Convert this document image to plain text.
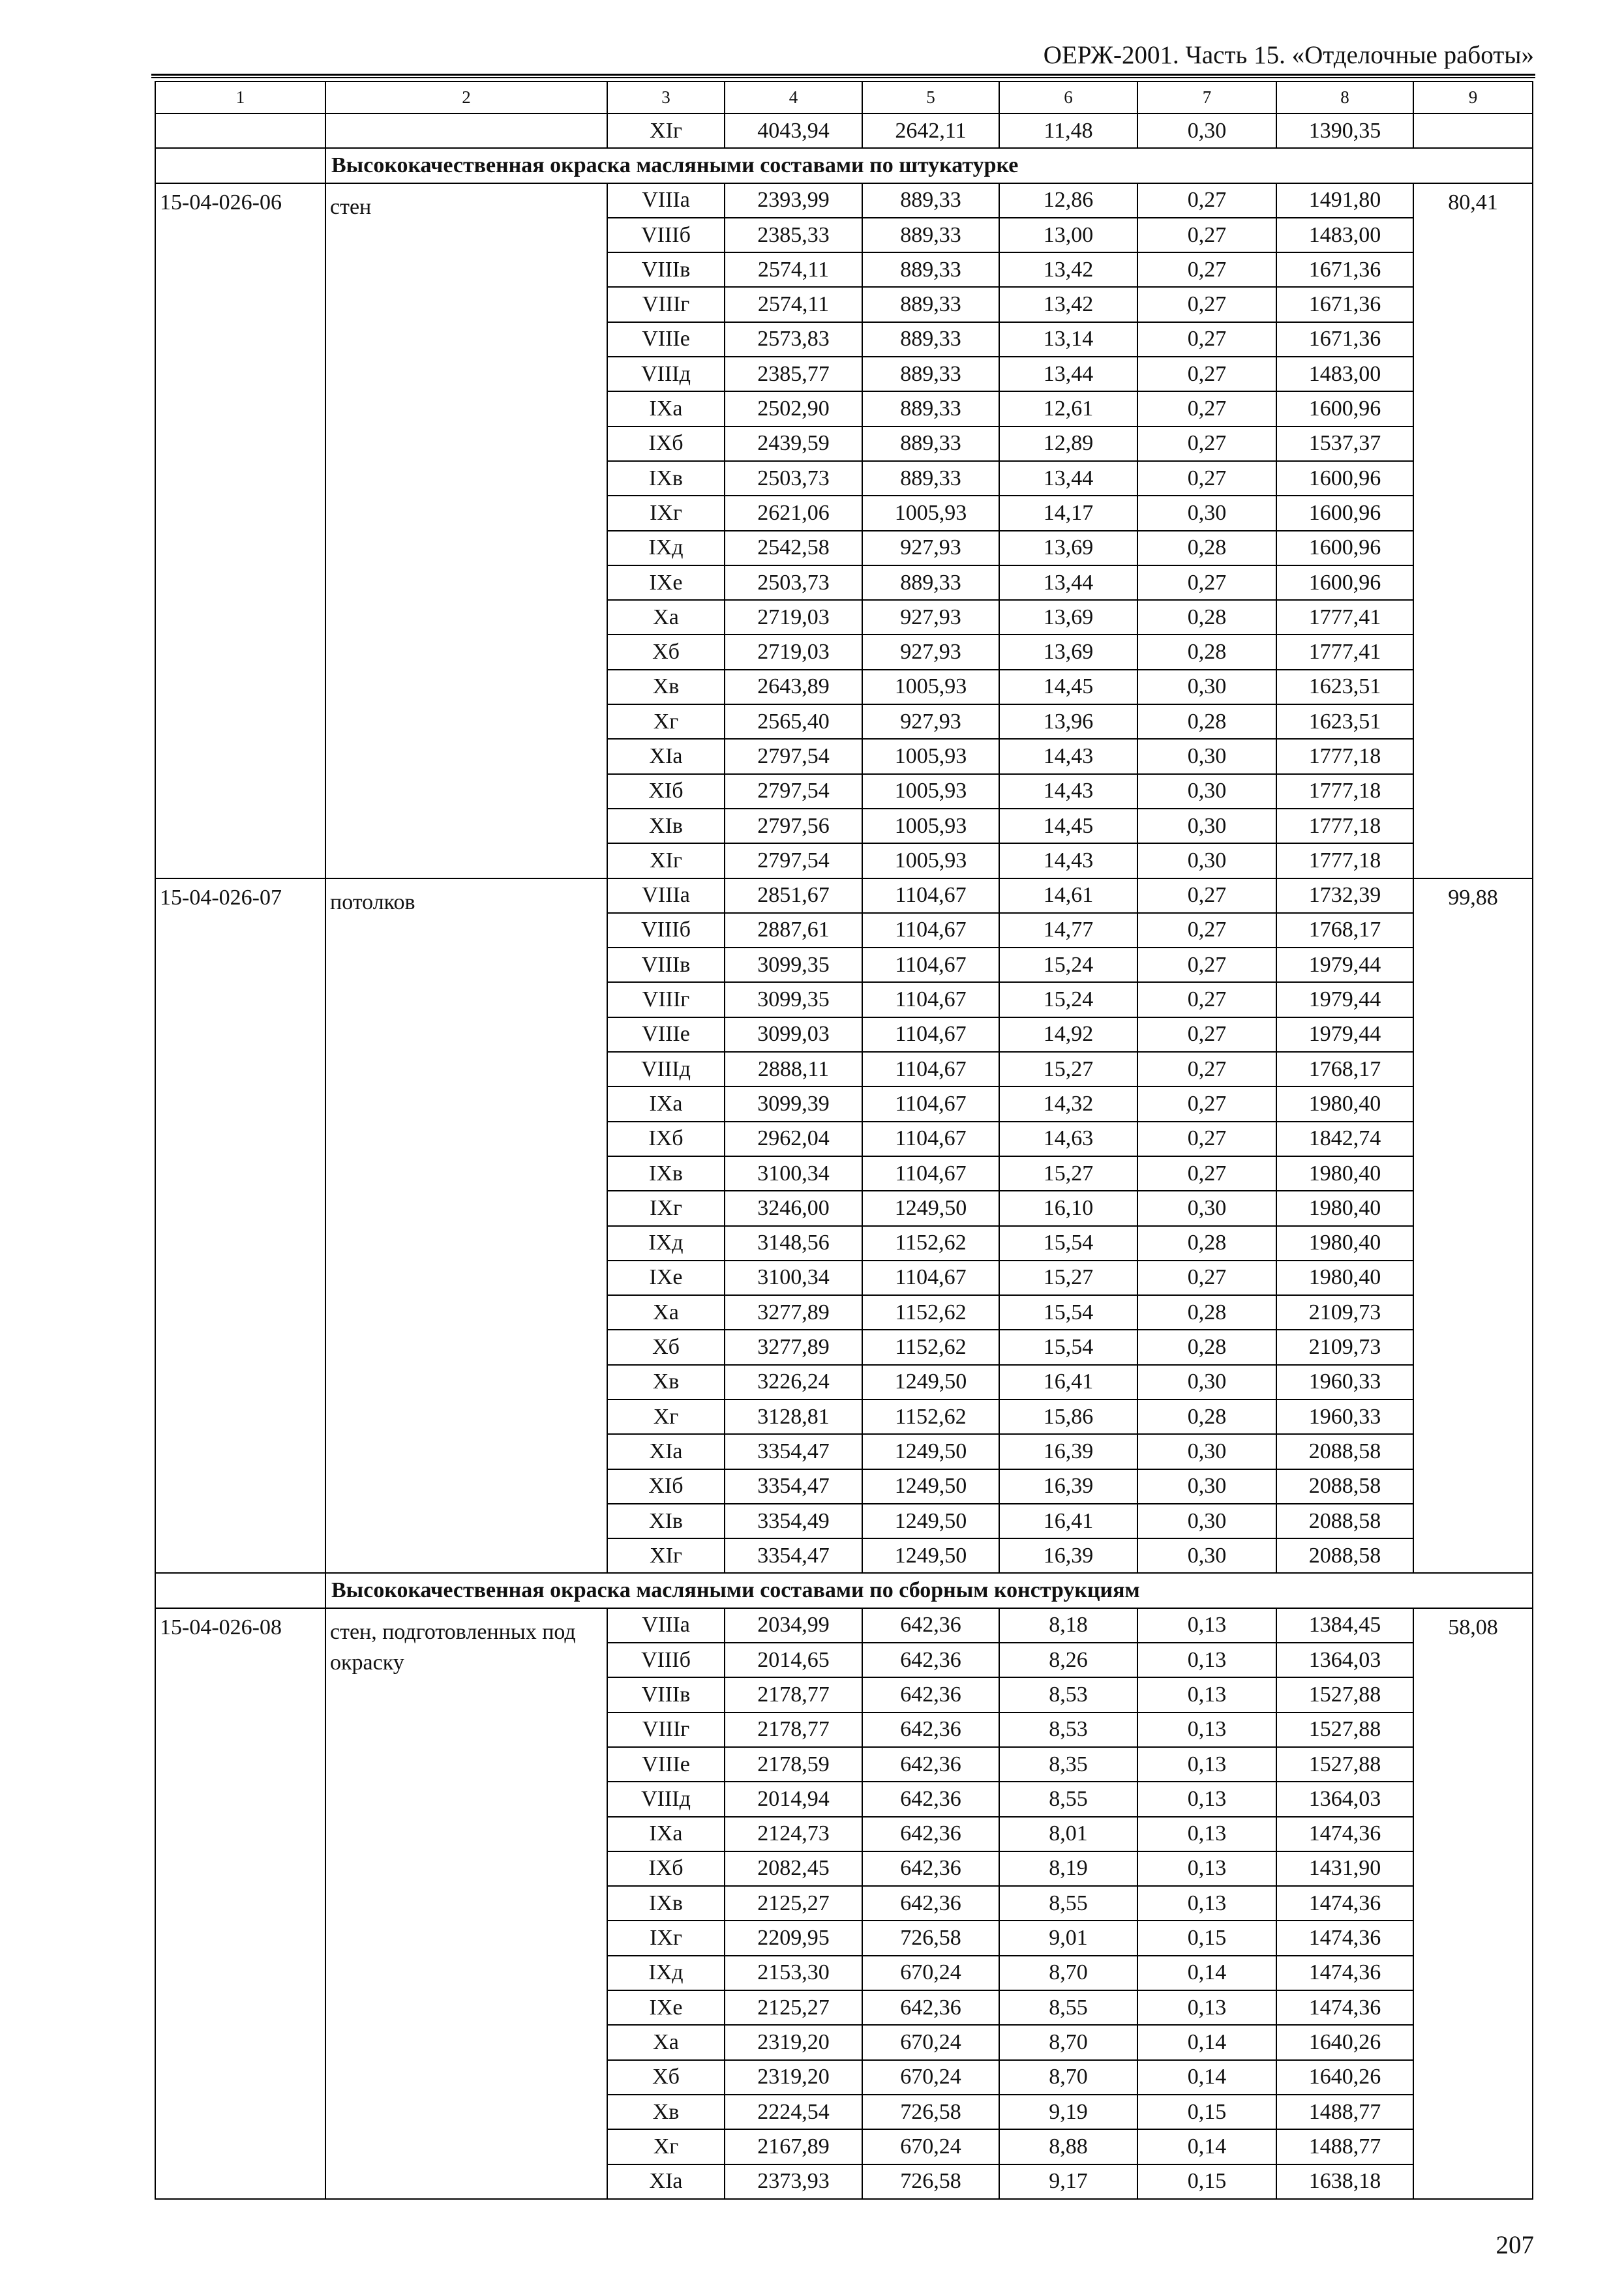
ОЕРЖ-2001. Часть 15. «Отделочные работы»
1	2	3	4	5	6	7	8	9
		XIг	4043,94	2642,11	11,48	0,30	1390,35	
	Высококачественная окраска масляными составами по штукатурке							
15-04-026-06	стен	VIIIа	2393,99	889,33	12,86	0,27	1491,80	80,41
		VIIIб	2385,33	889,33	13,00	0,27	1483,00	
		VIIIв	2574,11	889,33	13,42	0,27	1671,36	
		VIIIг	2574,11	889,33	13,42	0,27	1671,36	
		VIIIе	2573,83	889,33	13,14	0,27	1671,36	
		VIIIд	2385,77	889,33	13,44	0,27	1483,00	
		IXа	2502,90	889,33	12,61	0,27	1600,96	
		IXб	2439,59	889,33	12,89	0,27	1537,37	
		IXв	2503,73	889,33	13,44	0,27	1600,96	
		IXг	2621,06	1005,93	14,17	0,30	1600,96	
		IXд	2542,58	927,93	13,69	0,28	1600,96	
		IXе	2503,73	889,33	13,44	0,27	1600,96	
		Xа	2719,03	927,93	13,69	0,28	1777,41	
		Xб	2719,03	927,93	13,69	0,28	1777,41	
		Xв	2643,89	1005,93	14,45	0,30	1623,51	
		Xг	2565,40	927,93	13,96	0,28	1623,51	
		XIа	2797,54	1005,93	14,43	0,30	1777,18	
		XIб	2797,54	1005,93	14,43	0,30	1777,18	
		XIв	2797,56	1005,93	14,45	0,30	1777,18	
		XIг	2797,54	1005,93	14,43	0,30	1777,18	
15-04-026-07	потолков	VIIIа	2851,67	1104,67	14,61	0,27	1732,39	99,88
		VIIIб	2887,61	1104,67	14,77	0,27	1768,17	
		VIIIв	3099,35	1104,67	15,24	0,27	1979,44	
		VIIIг	3099,35	1104,67	15,24	0,27	1979,44	
		VIIIе	3099,03	1104,67	14,92	0,27	1979,44	
		VIIIд	2888,11	1104,67	15,27	0,27	1768,17	
		IXа	3099,39	1104,67	14,32	0,27	1980,40	
		IXб	2962,04	1104,67	14,63	0,27	1842,74	
		IXв	3100,34	1104,67	15,27	0,27	1980,40	
		IXг	3246,00	1249,50	16,10	0,30	1980,40	
		IXд	3148,56	1152,62	15,54	0,28	1980,40	
		IXе	3100,34	1104,67	15,27	0,27	1980,40	
		Xа	3277,89	1152,62	15,54	0,28	2109,73	
		Xб	3277,89	1152,62	15,54	0,28	2109,73	
		Xв	3226,24	1249,50	16,41	0,30	1960,33	
		Xг	3128,81	1152,62	15,86	0,28	1960,33	
		XIа	3354,47	1249,50	16,39	0,30	2088,58	
		XIб	3354,47	1249,50	16,39	0,30	2088,58	
		XIв	3354,49	1249,50	16,41	0,30	2088,58	
		XIг	3354,47	1249,50	16,39	0,30	2088,58	
	Высококачественная окраска масляными составами по сборным конструкциям							
15-04-026-08	стен, подготовленных под окраску	VIIIа	2034,99	642,36	8,18	0,13	1384,45	58,08
		VIIIб	2014,65	642,36	8,26	0,13	1364,03	
		VIIIв	2178,77	642,36	8,53	0,13	1527,88	
		VIIIг	2178,77	642,36	8,53	0,13	1527,88	
		VIIIе	2178,59	642,36	8,35	0,13	1527,88	
		VIIIд	2014,94	642,36	8,55	0,13	1364,03	
		IXа	2124,73	642,36	8,01	0,13	1474,36	
		IXб	2082,45	642,36	8,19	0,13	1431,90	
		IXв	2125,27	642,36	8,55	0,13	1474,36	
		IXг	2209,95	726,58	9,01	0,15	1474,36	
		IXд	2153,30	670,24	8,70	0,14	1474,36	
		IXе	2125,27	642,36	8,55	0,13	1474,36	
		Xа	2319,20	670,24	8,70	0,14	1640,26	
		Xб	2319,20	670,24	8,70	0,14	1640,26	
		Xв	2224,54	726,58	9,19	0,15	1488,77	
		Xг	2167,89	670,24	8,88	0,14	1488,77	
		XIа	2373,93	726,58	9,17	0,15	1638,18	
207
